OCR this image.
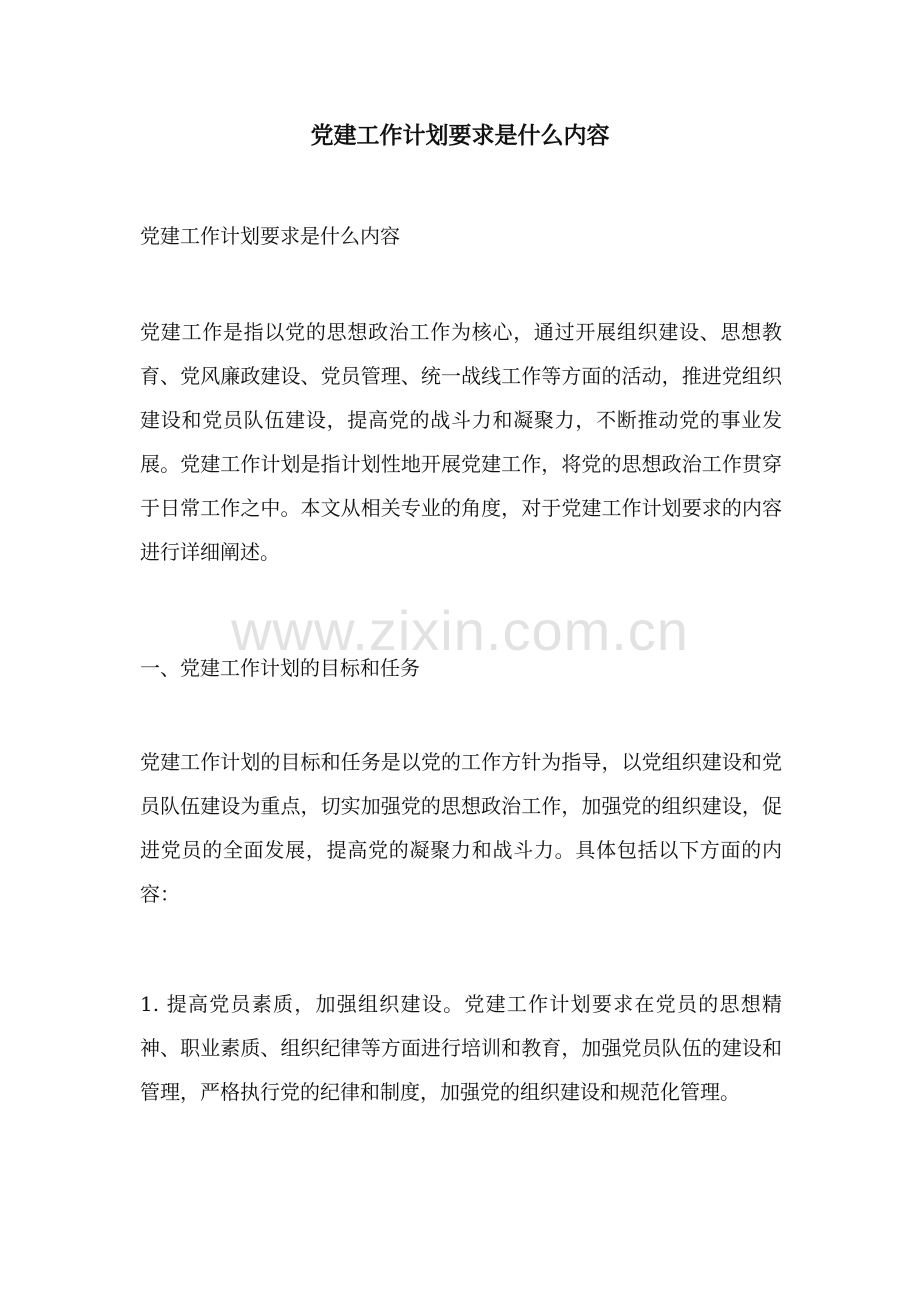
党建工作计划要求是什么内容

党建工作计划要求是什么内容

党建工作是指以党的思想政治工作为核心，通过开展组织建设、思想教育、党风廉政建设、党员管理、统一战线工作等方面的活动，推进党组织建设和党员队伍建设，提高党的战斗力和凝聚力，不断推动党的事业发展。党建工作计划是指计划性地开展党建工作，将党的思想政治工作贯穿于日常工作之中。本文从相关专业的角度，对于党建工作计划要求的内容进行详细阐述。

www.zixin.com.cn

一、党建工作计划的目标和任务

党建工作计划的目标和任务是以党的工作方针为指导，以党组织建设和党员队伍建设为重点，切实加强党的思想政治工作，加强党的组织建设，促进党员的全面发展，提高党的凝聚力和战斗力。具体包括以下方面的内容：

1. 提高党员素质，加强组织建设。党建工作计划要求在党员的思想精神、职业素质、组织纪律等方面进行培训和教育，加强党员队伍的建设和管理，严格执行党的纪律和制度，加强党的组织建设和规范化管理。
